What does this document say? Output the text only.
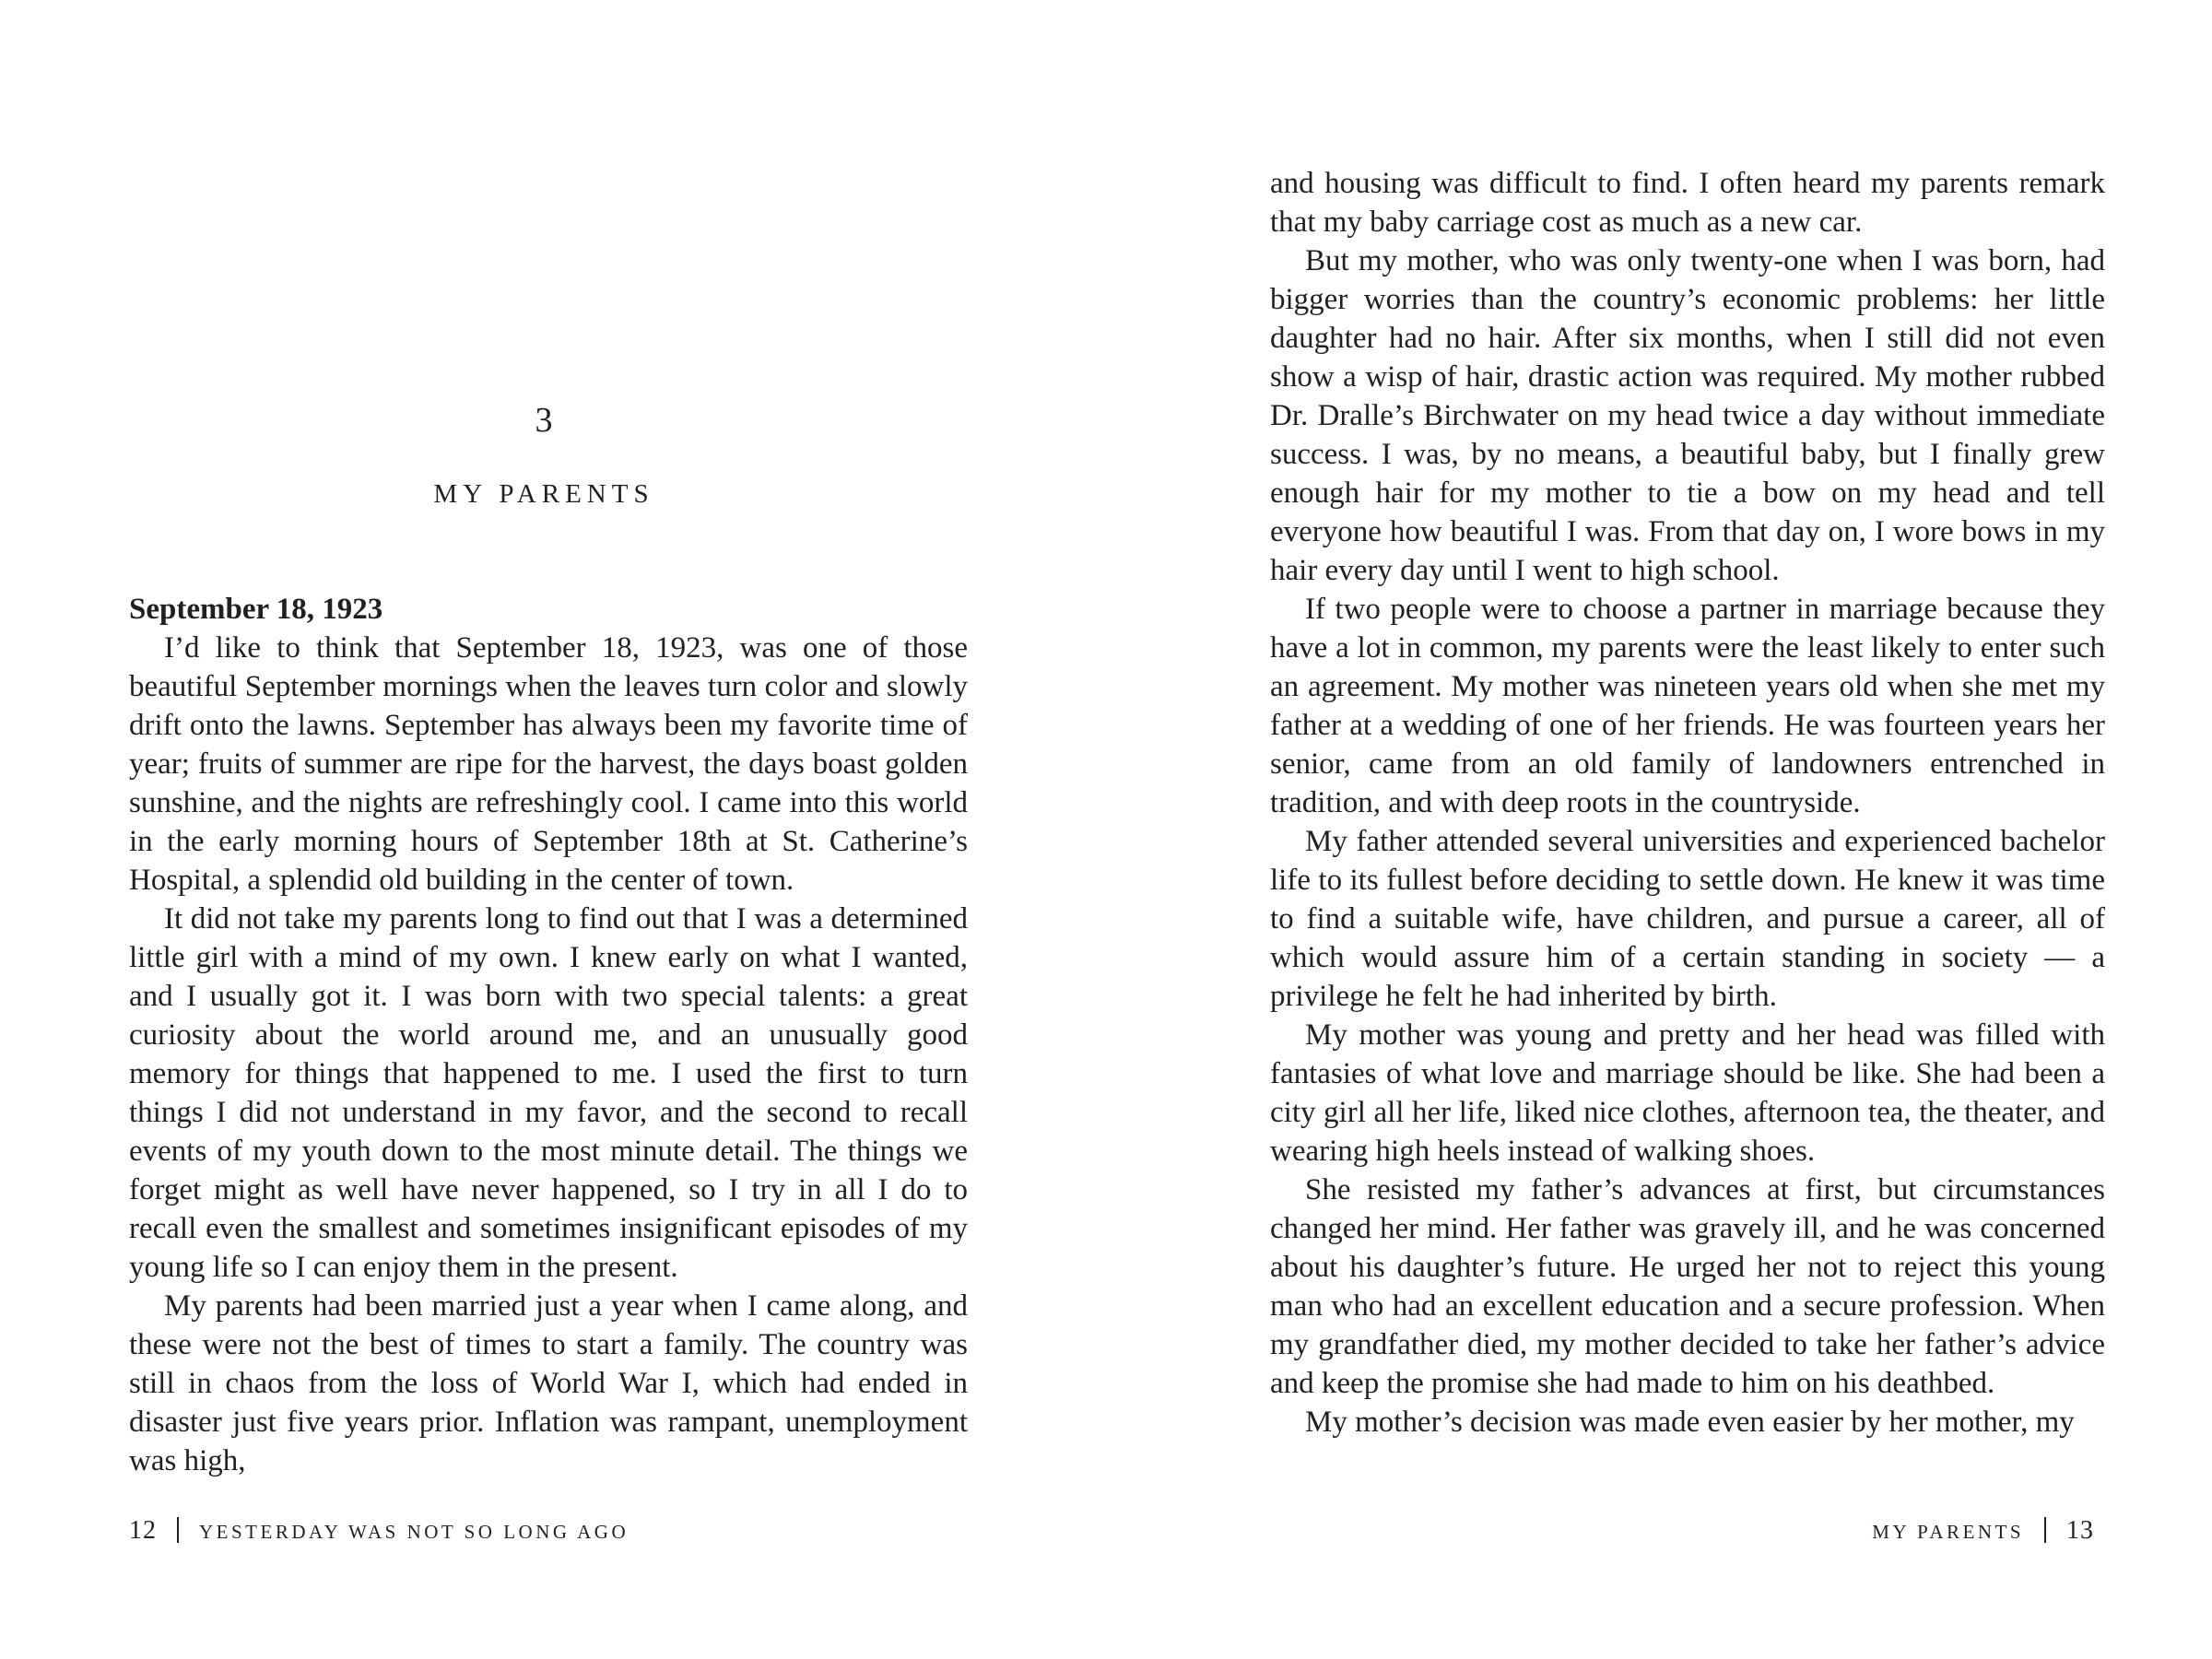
3
MY PARENTS

September 18, 1923

I’d like to think that September 18, 1923, was one of those beautiful September mornings when the leaves turn color and slowly drift onto the lawns. September has always been my favorite time of year; fruits of summer are ripe for the harvest, the days boast golden sunshine, and the nights are refreshingly cool. I came into this world in the early morning hours of September 18th at St. Catherine’s Hospital, a splendid old building in the center of town.

It did not take my parents long to find out that I was a determined little girl with a mind of my own. I knew early on what I wanted, and I usually got it. I was born with two special talents: a great curiosity about the world around me, and an unusually good memory for things that happened to me. I used the first to turn things I did not understand in my favor, and the second to recall events of my youth down to the most minute detail. The things we forget might as well have never happened, so I try in all I do to recall even the smallest and sometimes insignificant episodes of my young life so I can enjoy them in the present.

My parents had been married just a year when I came along, and these were not the best of times to start a family. The country was still in chaos from the loss of World War I, which had ended in disaster just five years prior. Inflation was rampant, unemployment was high,

12 YESTERDAY WAS NOT SO LONG AGO

and housing was difficult to find. I often heard my parents remark that my baby carriage cost as much as a new car.

But my mother, who was only twenty-one when I was born, had bigger worries than the country’s economic problems: her little daughter had no hair. After six months, when I still did not even show a wisp of hair, drastic action was required. My mother rubbed Dr. Dralle’s Birchwater on my head twice a day without immediate success. I was, by no means, a beautiful baby, but I finally grew enough hair for my mother to tie a bow on my head and tell everyone how beautiful I was. From that day on, I wore bows in my hair every day until I went to high school.

If two people were to choose a partner in marriage because they have a lot in common, my parents were the least likely to enter such an agreement. My mother was nineteen years old when she met my father at a wedding of one of her friends. He was fourteen years her senior, came from an old family of landowners entrenched in tradition, and with deep roots in the countryside.

My father attended several universities and experienced bachelor life to its fullest before deciding to settle down. He knew it was time to find a suitable wife, have children, and pursue a career, all of which would assure him of a certain standing in society — a privilege he felt he had inherited by birth.

My mother was young and pretty and her head was filled with fantasies of what love and marriage should be like. She had been a city girl all her life, liked nice clothes, afternoon tea, the theater, and wearing high heels instead of walking shoes.

She resisted my father’s advances at first, but circumstances changed her mind. Her father was gravely ill, and he was concerned about his daughter’s future. He urged her not to reject this young man who had an excellent education and a secure profession. When my grandfather died, my mother decided to take her father’s advice and keep the promise she had made to him on his deathbed.

My mother’s decision was made even easier by her mother, my

MY PARENTS 13
